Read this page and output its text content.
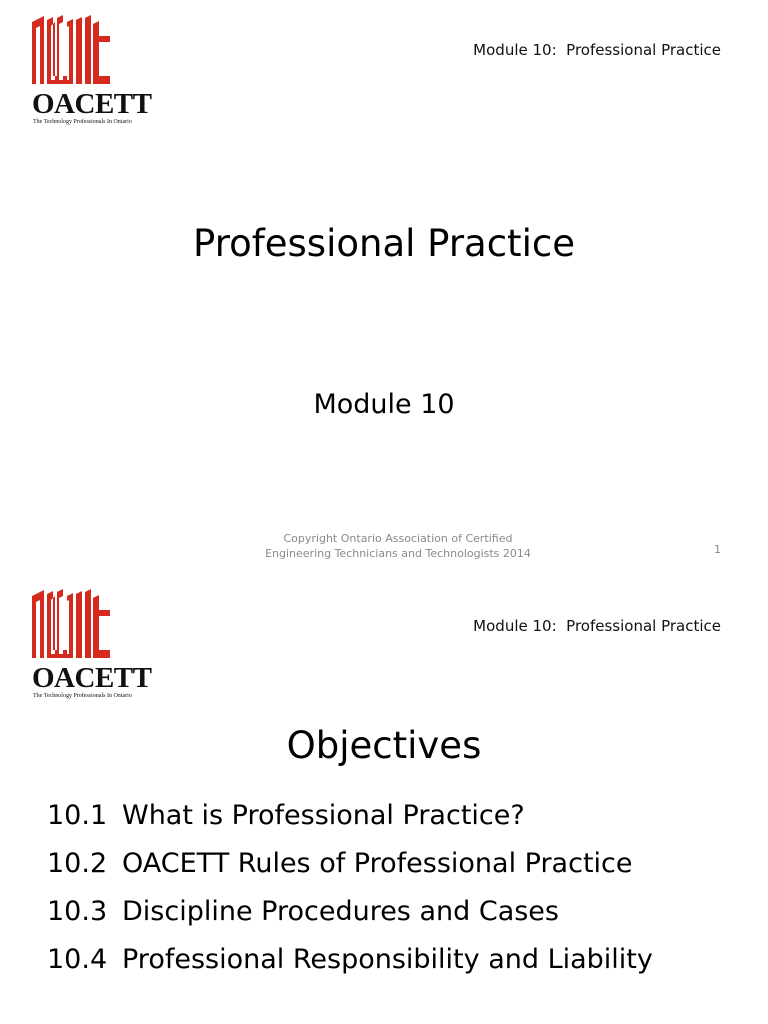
OACETT
The Technology Professionals In Ontario
Module 10:  Professional Practice
Professional Practice
Module 10
Copyright Ontario Association of Certified
Engineering Technicians and Technologists 2014	1
OACETT
The Technology Professionals In Ontario
Module 10:  Professional Practice
Objectives
10.1 What is Professional Practice?
10.2 OACETT Rules of Professional Practice
10.3 Discipline Procedures and Cases
10.4 Professional Responsibility and Liability
